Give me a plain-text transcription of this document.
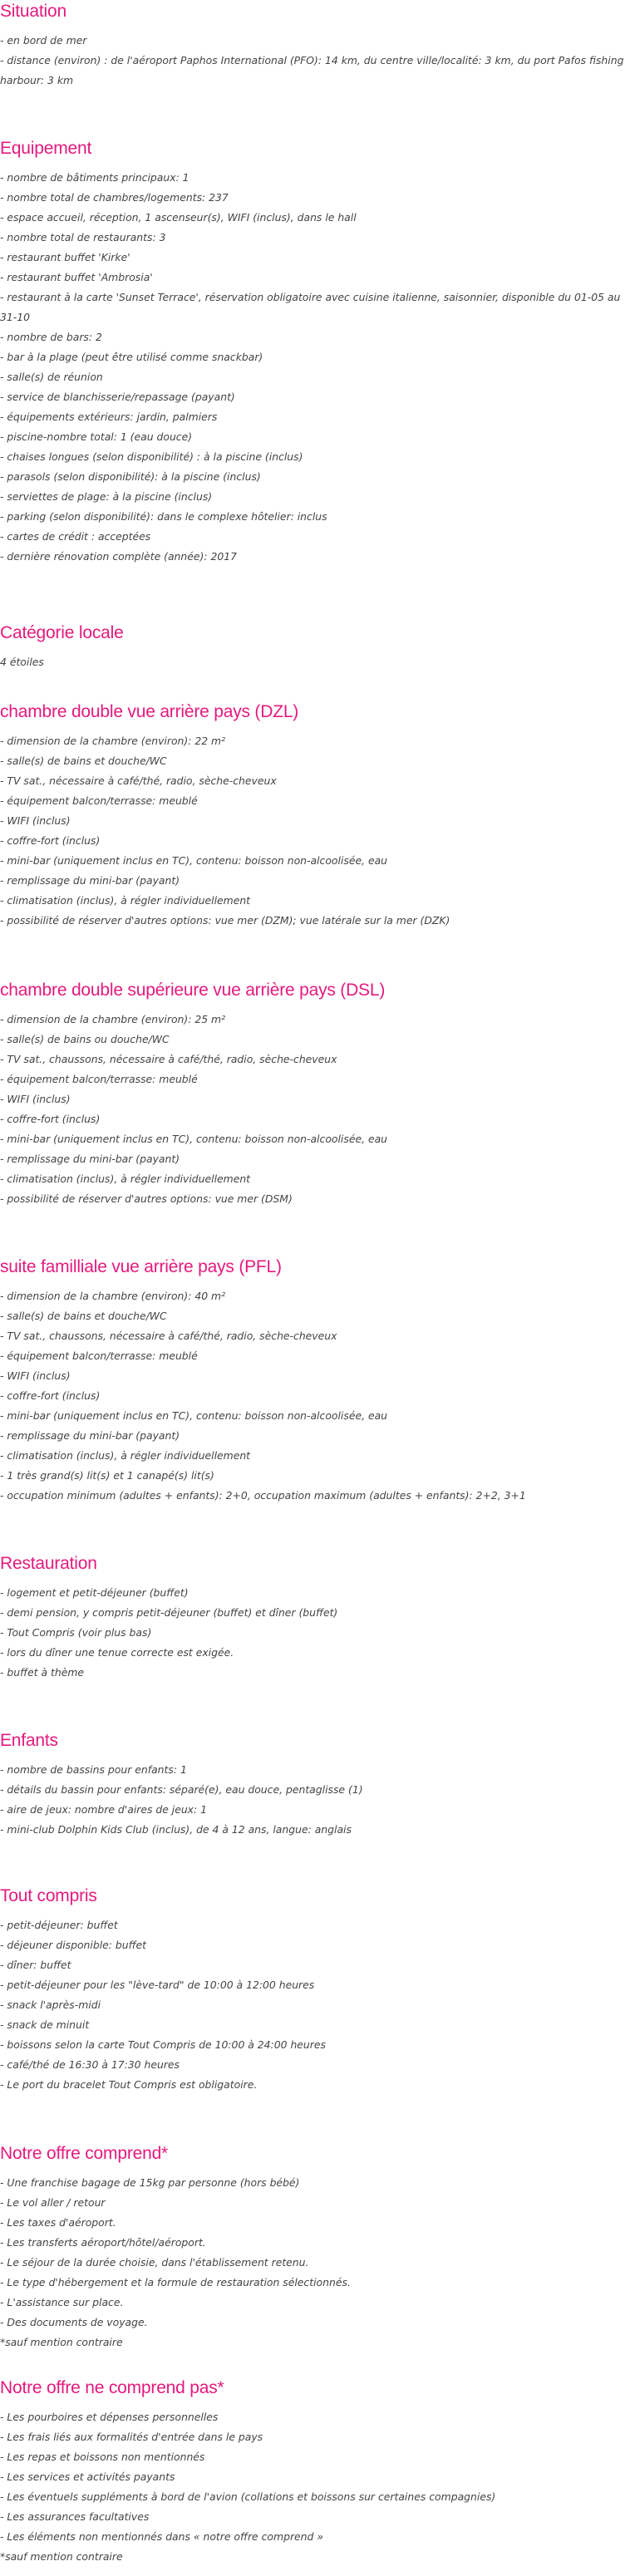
Situation
- en bord de mer
- distance (environ) : de l'aéroport Paphos International (PFO): 14 km, du centre ville/localité: 3 km, du port Pafos fishing harbour: 3 km
Equipement
- nombre de bâtiments principaux: 1
- nombre total de chambres/logements: 237
- espace accueil, réception, 1 ascenseur(s), WIFI (inclus), dans le hall
- nombre total de restaurants: 3
- restaurant buffet 'Kirke'
- restaurant buffet 'Ambrosia'
- restaurant à la carte 'Sunset Terrace', réservation obligatoire avec cuisine italienne, saisonnier, disponible du 01-05 au 31-10
- nombre de bars: 2
- bar à la plage (peut être utilisé comme snackbar)
- salle(s) de réunion
- service de blanchisserie/repassage (payant)
- équipements extérieurs: jardin, palmiers
- piscine-nombre total: 1 (eau douce)
- chaises longues (selon disponibilité) : à la piscine (inclus)
- parasols (selon disponibilité): à la piscine (inclus)
- serviettes de plage: à la piscine (inclus)
- parking (selon disponibilité): dans le complexe hôtelier: inclus
- cartes de crédit : acceptées
- dernière rénovation complète (année): 2017
Catégorie locale
4 étoiles
chambre double vue arrière pays (DZL)
- dimension de la chambre (environ): 22 m²
- salle(s) de bains et douche/WC
- TV sat., nécessaire à café/thé, radio, sèche-cheveux
- équipement balcon/terrasse: meublé
- WIFI (inclus)
- coffre-fort (inclus)
- mini-bar (uniquement inclus en TC), contenu: boisson non-alcoolisée, eau
- remplissage du mini-bar (payant)
- climatisation (inclus), à régler individuellement
- possibilité de réserver d'autres options: vue mer (DZM); vue latérale sur la mer (DZK)
chambre double supérieure vue arrière pays (DSL)
- dimension de la chambre (environ): 25 m²
- salle(s) de bains ou douche/WC
- TV sat., chaussons, nécessaire à café/thé, radio, sèche-cheveux
- équipement balcon/terrasse: meublé
- WIFI (inclus)
- coffre-fort (inclus)
- mini-bar (uniquement inclus en TC), contenu: boisson non-alcoolisée, eau
- remplissage du mini-bar (payant)
- climatisation (inclus), à régler individuellement
- possibilité de réserver d'autres options: vue mer (DSM)
suite familliale vue arrière pays (PFL)
- dimension de la chambre (environ): 40 m²
- salle(s) de bains et douche/WC
- TV sat., chaussons, nécessaire à café/thé, radio, sèche-cheveux
- équipement balcon/terrasse: meublé
- WIFI (inclus)
- coffre-fort (inclus)
- mini-bar (uniquement inclus en TC), contenu: boisson non-alcoolisée, eau
- remplissage du mini-bar (payant)
- climatisation (inclus), à régler individuellement
- 1 très grand(s) lit(s) et 1 canapé(s) lit(s)
- occupation minimum (adultes + enfants): 2+0, occupation maximum (adultes + enfants): 2+2, 3+1
Restauration
- logement et petit-déjeuner (buffet)
- demi pension, y compris petit-déjeuner (buffet) et dîner (buffet)
- Tout Compris (voir plus bas)
- lors du dîner une tenue correcte est exigée.
- buffet à thème
Enfants
- nombre de bassins pour enfants: 1
- détails du bassin pour enfants: séparé(e), eau douce, pentaglisse (1)
- aire de jeux: nombre d'aires de jeux: 1
- mini-club Dolphin Kids Club (inclus), de 4 à 12 ans, langue: anglais
Tout compris
- petit-déjeuner: buffet
- déjeuner disponible: buffet
- dîner: buffet
- petit-déjeuner pour les "lève-tard" de 10:00 à 12:00 heures
- snack l'après-midi
- snack de minuit
- boissons selon la carte Tout Compris de 10:00 à 24:00 heures
- café/thé de 16:30 à 17:30 heures
- Le port du bracelet Tout Compris est obligatoire.
Notre offre comprend*
- Une franchise bagage de 15kg par personne (hors bébé)
- Le vol aller / retour
- Les taxes d'aéroport.
- Les transferts aéroport/hôtel/aéroport.
- Le séjour de la durée choisie, dans l'établissement retenu.
- Le type d'hébergement et la formule de restauration sélectionnés.
- L'assistance sur place.
- Des documents de voyage.
*sauf mention contraire
Notre offre ne comprend pas*
- Les pourboires et dépenses personnelles
- Les frais liés aux formalités d'entrée dans le pays
- Les repas et boissons non mentionnés
- Les services et activités payants
- Les éventuels suppléments à bord de l'avion (collations et boissons sur certaines compagnies)
- Les assurances facultatives
- Les éléments non mentionnés dans « notre offre comprend »
*sauf mention contraire
